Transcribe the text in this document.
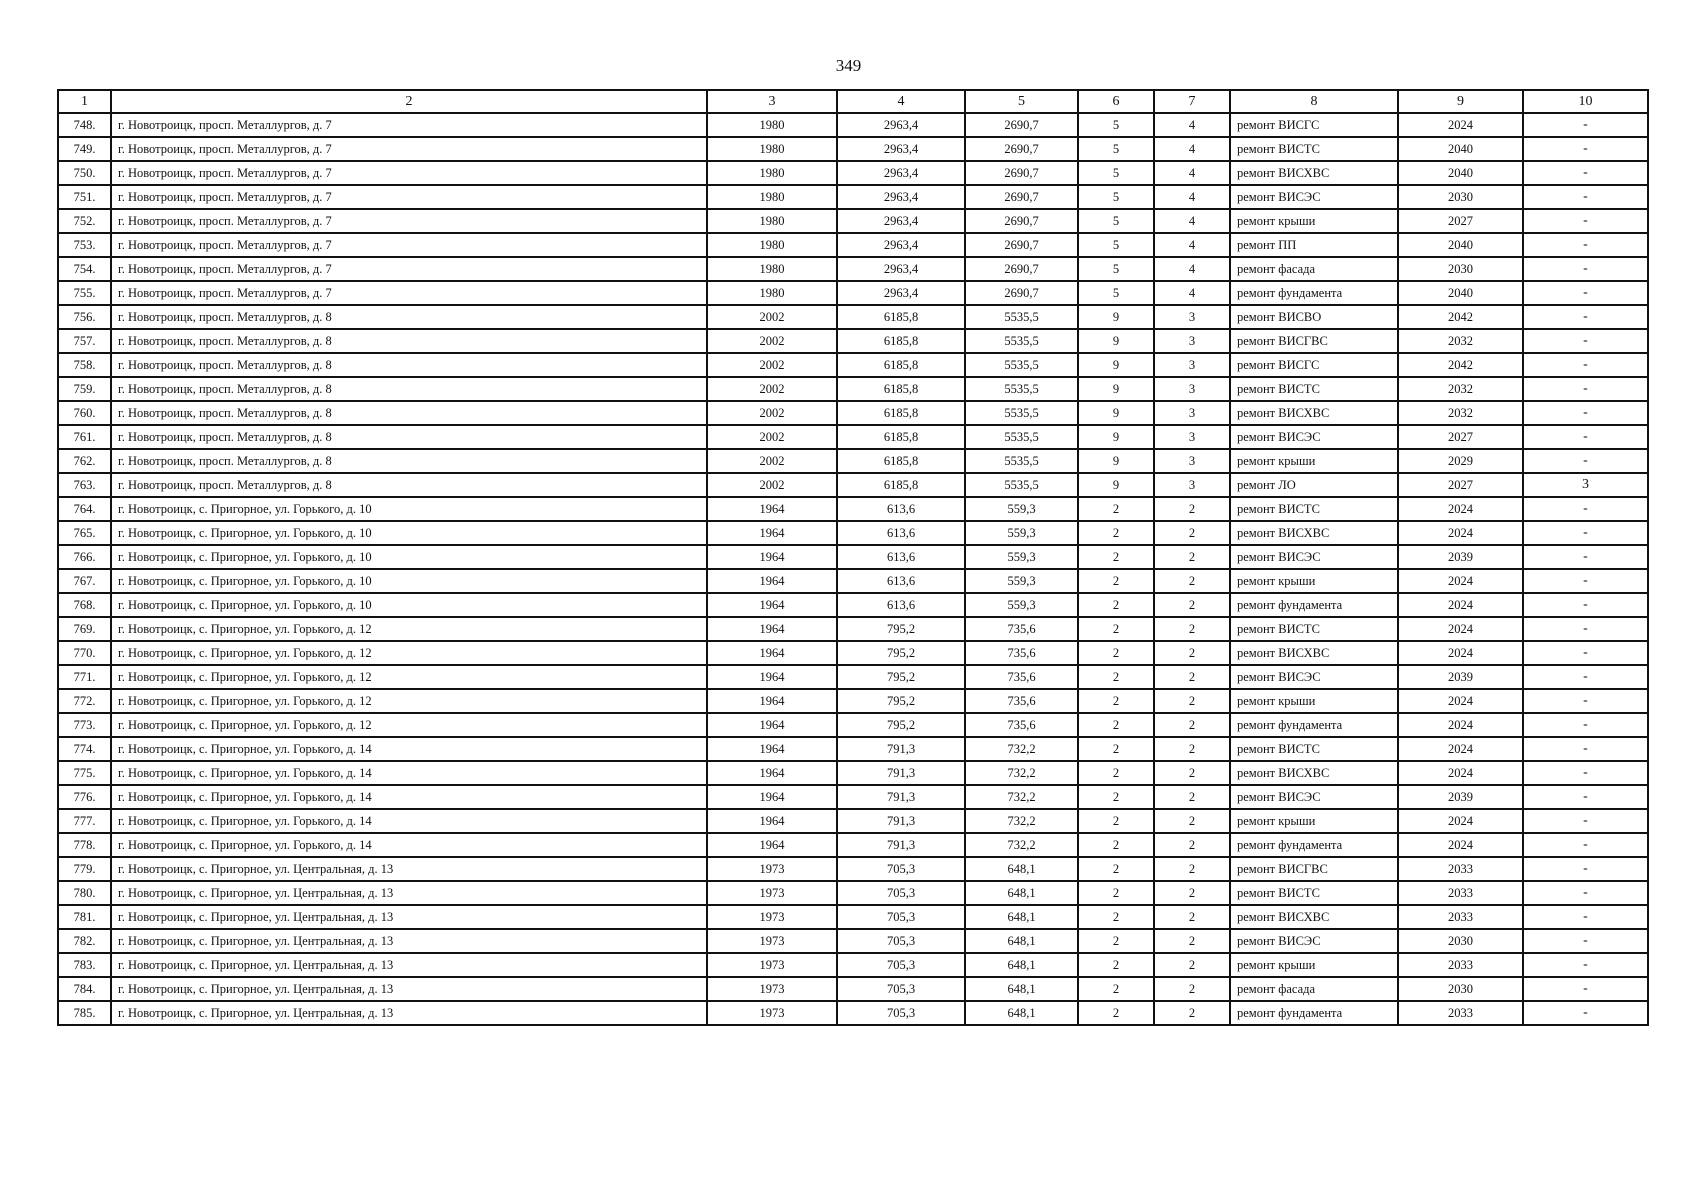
349
1	2	3	4	5	6	7	8	9	10
748.	г. Новотроицк, просп. Металлургов, д. 7	1980	2963,4	2690,7	5	4	ремонт ВИСГС	2024	-
749.	г. Новотроицк, просп. Металлургов, д. 7	1980	2963,4	2690,7	5	4	ремонт ВИСТС	2040	-
750.	г. Новотроицк, просп. Металлургов, д. 7	1980	2963,4	2690,7	5	4	ремонт ВИСХВС	2040	-
751.	г. Новотроицк, просп. Металлургов, д. 7	1980	2963,4	2690,7	5	4	ремонт ВИСЭС	2030	-
752.	г. Новотроицк, просп. Металлургов, д. 7	1980	2963,4	2690,7	5	4	ремонт крыши	2027	-
753.	г. Новотроицк, просп. Металлургов, д. 7	1980	2963,4	2690,7	5	4	ремонт ПП	2040	-
754.	г. Новотроицк, просп. Металлургов, д. 7	1980	2963,4	2690,7	5	4	ремонт фасада	2030	-
755.	г. Новотроицк, просп. Металлургов, д. 7	1980	2963,4	2690,7	5	4	ремонт фундамента	2040	-
756.	г. Новотроицк, просп. Металлургов, д. 8	2002	6185,8	5535,5	9	3	ремонт ВИСВО	2042	-
757.	г. Новотроицк, просп. Металлургов, д. 8	2002	6185,8	5535,5	9	3	ремонт ВИСГВС	2032	-
758.	г. Новотроицк, просп. Металлургов, д. 8	2002	6185,8	5535,5	9	3	ремонт ВИСГС	2042	-
759.	г. Новотроицк, просп. Металлургов, д. 8	2002	6185,8	5535,5	9	3	ремонт ВИСТС	2032	-
760.	г. Новотроицк, просп. Металлургов, д. 8	2002	6185,8	5535,5	9	3	ремонт ВИСХВС	2032	-
761.	г. Новотроицк, просп. Металлургов, д. 8	2002	6185,8	5535,5	9	3	ремонт ВИСЭС	2027	-
762.	г. Новотроицк, просп. Металлургов, д. 8	2002	6185,8	5535,5	9	3	ремонт крыши	2029	-
763.	г. Новотроицк, просп. Металлургов, д. 8	2002	6185,8	5535,5	9	3	ремонт ЛО	2027	3
764.	г. Новотроицк, с. Пригорное, ул. Горького, д. 10	1964	613,6	559,3	2	2	ремонт ВИСТС	2024	-
765.	г. Новотроицк, с. Пригорное, ул. Горького, д. 10	1964	613,6	559,3	2	2	ремонт ВИСХВС	2024	-
766.	г. Новотроицк, с. Пригорное, ул. Горького, д. 10	1964	613,6	559,3	2	2	ремонт ВИСЭС	2039	-
767.	г. Новотроицк, с. Пригорное, ул. Горького, д. 10	1964	613,6	559,3	2	2	ремонт крыши	2024	-
768.	г. Новотроицк, с. Пригорное, ул. Горького, д. 10	1964	613,6	559,3	2	2	ремонт фундамента	2024	-
769.	г. Новотроицк, с. Пригорное, ул. Горького, д. 12	1964	795,2	735,6	2	2	ремонт ВИСТС	2024	-
770.	г. Новотроицк, с. Пригорное, ул. Горького, д. 12	1964	795,2	735,6	2	2	ремонт ВИСХВС	2024	-
771.	г. Новотроицк, с. Пригорное, ул. Горького, д. 12	1964	795,2	735,6	2	2	ремонт ВИСЭС	2039	-
772.	г. Новотроицк, с. Пригорное, ул. Горького, д. 12	1964	795,2	735,6	2	2	ремонт крыши	2024	-
773.	г. Новотроицк, с. Пригорное, ул. Горького, д. 12	1964	795,2	735,6	2	2	ремонт фундамента	2024	-
774.	г. Новотроицк, с. Пригорное, ул. Горького, д. 14	1964	791,3	732,2	2	2	ремонт ВИСТС	2024	-
775.	г. Новотроицк, с. Пригорное, ул. Горького, д. 14	1964	791,3	732,2	2	2	ремонт ВИСХВС	2024	-
776.	г. Новотроицк, с. Пригорное, ул. Горького, д. 14	1964	791,3	732,2	2	2	ремонт ВИСЭС	2039	-
777.	г. Новотроицк, с. Пригорное, ул. Горького, д. 14	1964	791,3	732,2	2	2	ремонт крыши	2024	-
778.	г. Новотроицк, с. Пригорное, ул. Горького, д. 14	1964	791,3	732,2	2	2	ремонт фундамента	2024	-
779.	г. Новотроицк, с. Пригорное, ул. Центральная, д. 13	1973	705,3	648,1	2	2	ремонт ВИСГВС	2033	-
780.	г. Новотроицк, с. Пригорное, ул. Центральная, д. 13	1973	705,3	648,1	2	2	ремонт ВИСТС	2033	-
781.	г. Новотроицк, с. Пригорное, ул. Центральная, д. 13	1973	705,3	648,1	2	2	ремонт ВИСХВС	2033	-
782.	г. Новотроицк, с. Пригорное, ул. Центральная, д. 13	1973	705,3	648,1	2	2	ремонт ВИСЭС	2030	-
783.	г. Новотроицк, с. Пригорное, ул. Центральная, д. 13	1973	705,3	648,1	2	2	ремонт крыши	2033	-
784.	г. Новотроицк, с. Пригорное, ул. Центральная, д. 13	1973	705,3	648,1	2	2	ремонт фасада	2030	-
785.	г. Новотроицк, с. Пригорное, ул. Центральная, д. 13	1973	705,3	648,1	2	2	ремонт фундамента	2033	-
